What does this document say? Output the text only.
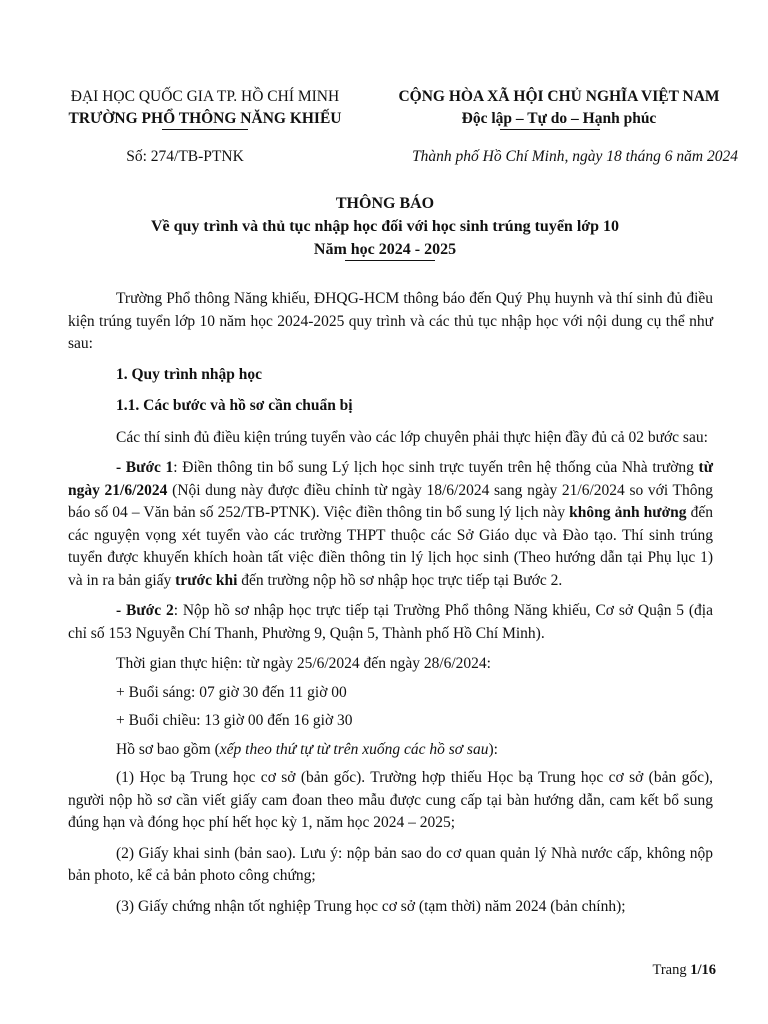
ĐẠI HỌC QUỐC GIA TP. HỒ CHÍ MINH
TRƯỜNG PHỔ THÔNG NĂNG KHIẾU
CỘNG HÒA XÃ HỘI CHỦ NGHĨA VIỆT NAM
Độc lập – Tự do – Hạnh phúc
Số: 274/TB-PTNK	Thành phố Hồ Chí Minh, ngày 18 tháng 6 năm 2024
THÔNG BÁO
Về quy trình và thủ tục nhập học đối với học sinh trúng tuyển lớp 10
Năm học 2024 - 2025

Trường Phổ thông Năng khiếu, ĐHQG-HCM thông báo đến Quý Phụ huynh và thí sinh đủ điều kiện trúng tuyển lớp 10 năm học 2024-2025 quy trình và các thủ tục nhập học với nội dung cụ thể như sau:

1. Quy trình nhập học

1.1. Các bước và hồ sơ cần chuẩn bị

Các thí sinh đủ điều kiện trúng tuyển vào các lớp chuyên phải thực hiện đầy đủ cả 02 bước sau:

- Bước 1: Điền thông tin bổ sung Lý lịch học sinh trực tuyến trên hệ thống của Nhà trường từ ngày 21/6/2024 (Nội dung này được điều chỉnh từ ngày 18/6/2024 sang ngày 21/6/2024 so với Thông báo số 04 – Văn bản số 252/TB-PTNK). Việc điền thông tin bổ sung lý lịch này không ảnh hưởng đến các nguyện vọng xét tuyển vào các trường THPT thuộc các Sở Giáo dục và Đào tạo. Thí sinh trúng tuyển được khuyến khích hoàn tất việc điền thông tin lý lịch học sinh (Theo hướng dẫn tại Phụ lục 1) và in ra bản giấy trước khi đến trường nộp hồ sơ nhập học trực tiếp tại Bước 2.

- Bước 2: Nộp hồ sơ nhập học trực tiếp tại Trường Phổ thông Năng khiếu, Cơ sở Quận 5 (địa chỉ số 153 Nguyễn Chí Thanh, Phường 9, Quận 5, Thành phố Hồ Chí Minh).

Thời gian thực hiện: từ ngày 25/6/2024 đến ngày 28/6/2024:

+ Buổi sáng: 07 giờ 30 đến 11 giờ 00

+ Buổi chiều: 13 giờ 00 đến 16 giờ 30

Hồ sơ bao gồm (xếp theo thứ tự từ trên xuống các hồ sơ sau):

(1) Học bạ Trung học cơ sở (bản gốc). Trường hợp thiếu Học bạ Trung học cơ sở (bản gốc), người nộp hồ sơ cần viết giấy cam đoan theo mẫu được cung cấp tại bàn hướng dẫn, cam kết bổ sung đúng hạn và đóng học phí hết học kỳ 1, năm học 2024 – 2025;

(2) Giấy khai sinh (bản sao). Lưu ý: nộp bản sao do cơ quan quản lý Nhà nước cấp, không nộp bản photo, kể cả bản photo công chứng;

(3) Giấy chứng nhận tốt nghiệp Trung học cơ sở (tạm thời) năm 2024 (bản chính);

Trang 1/16
